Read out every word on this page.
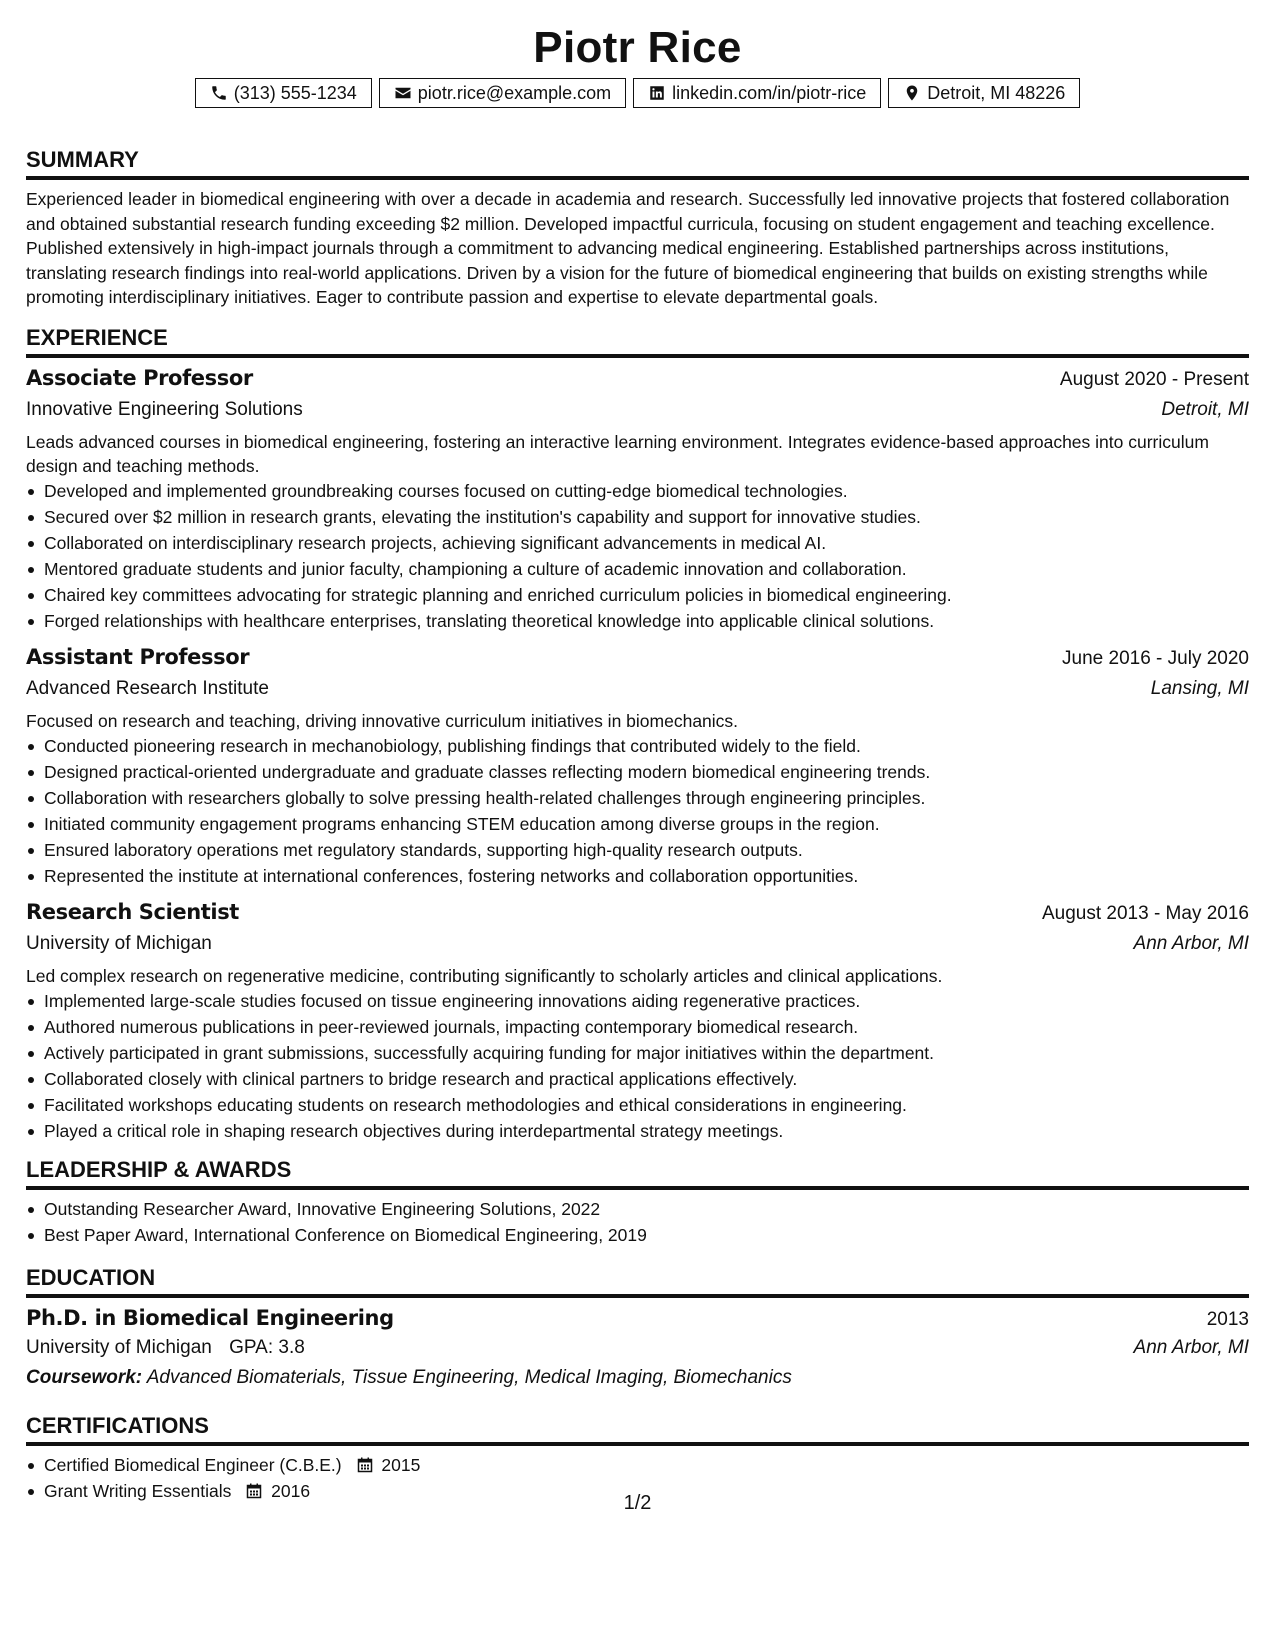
Piotr Rice
(313) 555-1234	piotr.rice@example.com	linkedin.com/in/piotr-rice	Detroit, MI 48226
SUMMARY
Experienced leader in biomedical engineering with over a decade in academia and research. Successfully led innovative projects that fostered collaboration and obtained substantial research funding exceeding $2 million. Developed impactful curricula, focusing on student engagement and teaching excellence. Published extensively in high-impact journals through a commitment to advancing medical engineering. Established partnerships across institutions, translating research findings into real-world applications. Driven by a vision for the future of biomedical engineering that builds on existing strengths while promoting interdisciplinary initiatives. Eager to contribute passion and expertise to elevate departmental goals.
EXPERIENCE
Associate Professor	August 2020 - Present
Innovative Engineering Solutions	Detroit, MI
Leads advanced courses in biomedical engineering, fostering an interactive learning environment. Integrates evidence-based approaches into curriculum design and teaching methods.
Developed and implemented groundbreaking courses focused on cutting-edge biomedical technologies.
Secured over $2 million in research grants, elevating the institution's capability and support for innovative studies.
Collaborated on interdisciplinary research projects, achieving significant advancements in medical AI.
Mentored graduate students and junior faculty, championing a culture of academic innovation and collaboration.
Chaired key committees advocating for strategic planning and enriched curriculum policies in biomedical engineering.
Forged relationships with healthcare enterprises, translating theoretical knowledge into applicable clinical solutions.
Assistant Professor	June 2016 - July 2020
Advanced Research Institute	Lansing, MI
Focused on research and teaching, driving innovative curriculum initiatives in biomechanics.
Conducted pioneering research in mechanobiology, publishing findings that contributed widely to the field.
Designed practical-oriented undergraduate and graduate classes reflecting modern biomedical engineering trends.
Collaboration with researchers globally to solve pressing health-related challenges through engineering principles.
Initiated community engagement programs enhancing STEM education among diverse groups in the region.
Ensured laboratory operations met regulatory standards, supporting high-quality research outputs.
Represented the institute at international conferences, fostering networks and collaboration opportunities.
Research Scientist	August 2013 - May 2016
University of Michigan	Ann Arbor, MI
Led complex research on regenerative medicine, contributing significantly to scholarly articles and clinical applications.
Implemented large-scale studies focused on tissue engineering innovations aiding regenerative practices.
Authored numerous publications in peer-reviewed journals, impacting contemporary biomedical research.
Actively participated in grant submissions, successfully acquiring funding for major initiatives within the department.
Collaborated closely with clinical partners to bridge research and practical applications effectively.
Facilitated workshops educating students on research methodologies and ethical considerations in engineering.
Played a critical role in shaping research objectives during interdepartmental strategy meetings.
LEADERSHIP & AWARDS
Outstanding Researcher Award, Innovative Engineering Solutions, 2022
Best Paper Award, International Conference on Biomedical Engineering, 2019
EDUCATION
Ph.D. in Biomedical Engineering	2013
University of Michigan GPA: 3.8	Ann Arbor, MI
Coursework: Advanced Biomaterials, Tissue Engineering, Medical Imaging, Biomechanics
CERTIFICATIONS
Certified Biomedical Engineer (C.B.E.) 2015
Grant Writing Essentials 2016
1/2
